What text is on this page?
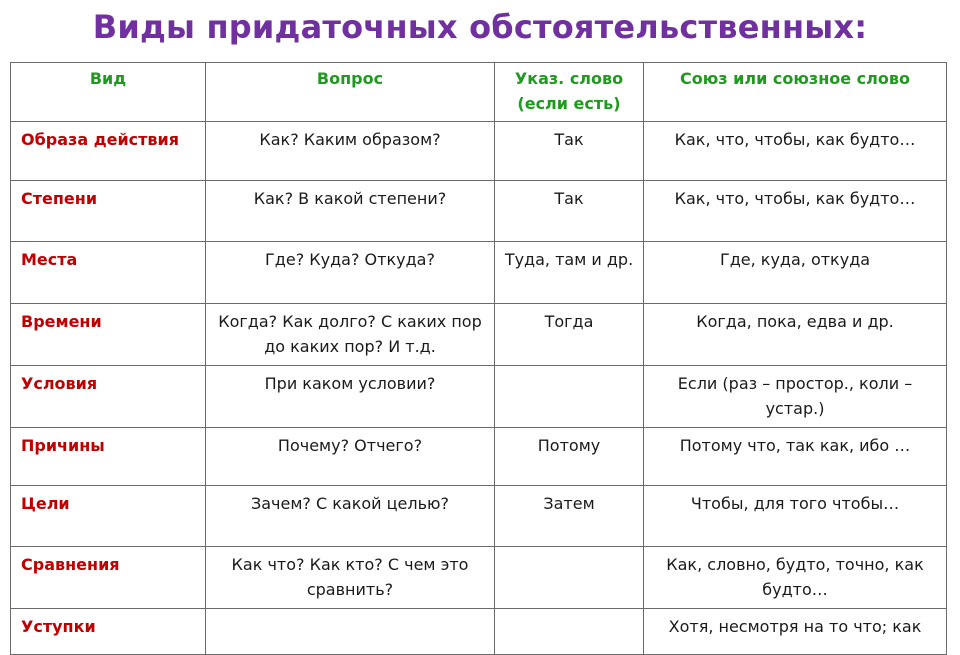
Виды придаточных обстоятельственных:
Вид	Вопрос	Указ. слово (если есть)	Союз или союзное слово
Образа действия	Как? Каким образом?	Так	Как, что, чтобы, как будто…
Степени	Как? В какой степени?	Так	Как, что, чтобы, как будто…
Места	Где? Куда? Откуда?	Туда, там и др.	Где, куда, откуда
Времени	Когда? Как долго? С каких пор до каких пор? И т.д.	Тогда	Когда, пока, едва и др.
Условия	При каком условии?		Если (раз – простор., коли – устар.)
Причины	Почему? Отчего?	Потому	Потому что, так как, ибо …
Цели	Зачем? С какой целью?	Затем	Чтобы, для того чтобы…
Сравнения	Как что? Как кто? С чем это сравнить?		Как, словно, будто, точно, как будто…
Уступки			Хотя, несмотря на то что; как
